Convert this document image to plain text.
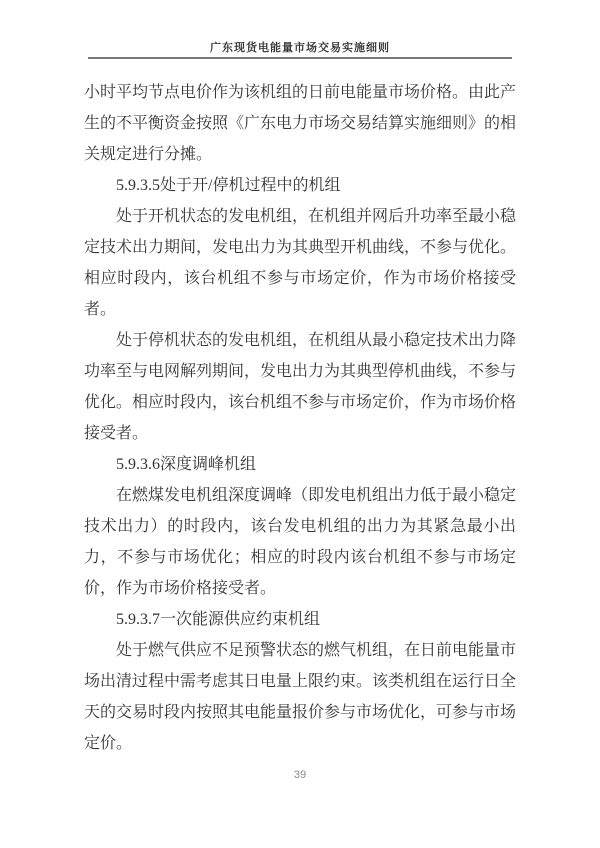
广东现货电能量市场交易实施细则

小时平均节点电价作为该机组的日前电能量市场价格。由此产生的不平衡资金按照《广东电力市场交易结算实施细则》的相关规定进行分摊。

5.9.3.5处于开/停机过程中的机组

处于开机状态的发电机组，在机组并网后升功率至最小稳定技术出力期间，发电出力为其典型开机曲线，不参与优化。相应时段内，该台机组不参与市场定价，作为市场价格接受者。

处于停机状态的发电机组，在机组从最小稳定技术出力降功率至与电网解列期间，发电出力为其典型停机曲线，不参与优化。相应时段内，该台机组不参与市场定价，作为市场价格接受者。

5.9.3.6深度调峰机组

在燃煤发电机组深度调峰（即发电机组出力低于最小稳定技术出力）的时段内，该台发电机组的出力为其紧急最小出力，不参与市场优化；相应的时段内该台机组不参与市场定价，作为市场价格接受者。

5.9.3.7一次能源供应约束机组

处于燃气供应不足预警状态的燃气机组，在日前电能量市场出清过程中需考虑其日电量上限约束。该类机组在运行日全天的交易时段内按照其电能量报价参与市场优化，可参与市场定价。

39
